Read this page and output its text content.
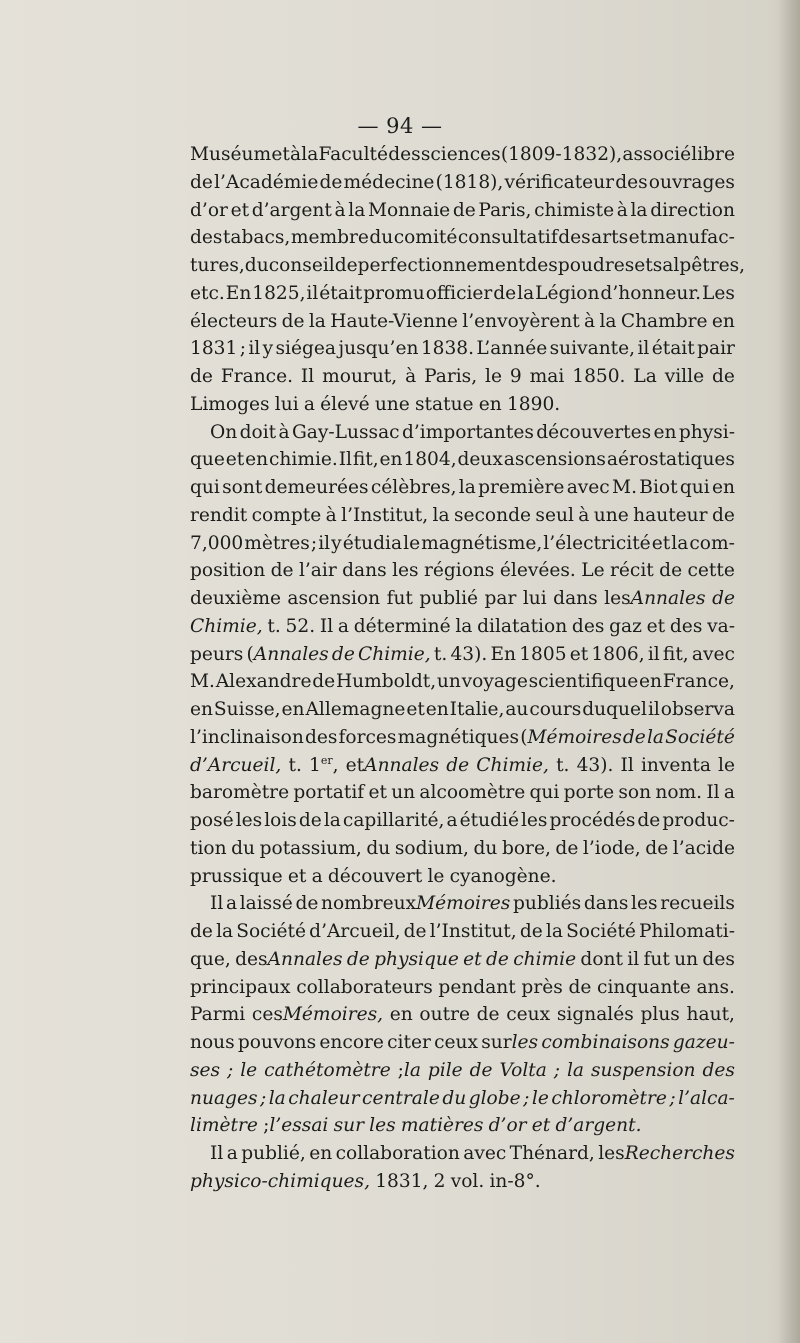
— 94 —
Muséum et à la Faculté des sciences (1809-1832), associé libre
de l’Académie de médecine (1818), vérificateur des ouvrages
d’or et d’argent à la Monnaie de Paris, chimiste à la direction
des tabacs, membre du comité consultatif des arts et manufac-
tures, du conseil de perfectionnement des poudres et salpêtres,
etc. En 1825, il était promu officier de la Légion d’honneur. Les
électeurs de la Haute-Vienne l’envoyèrent à la Chambre en
1831 ; il y siégea jusqu’en 1838. L’année suivante, il était pair
de France. Il mourut, à Paris, le 9 mai 1850. La ville de
Limoges lui a élevé une statue en 1890.
On doit à Gay-Lussac d’importantes découvertes en physi-
que et en chimie. Il fit, en 1804, deux ascensions aérostatiques
qui sont demeurées célèbres, la première avec M. Biot qui en
rendit compte à l’Institut, la seconde seul à une hauteur de
7,000 mètres ; il y étudia le magnétisme, l’électricité et la com-
position de l’air dans les régions élevées. Le récit de cette
deuxième ascension fut publié par lui dans lesAnnales de
Chimie, t. 52. Il a déterminé la dilatation des gaz et des va-
peurs (Annales de Chimie, t. 43). En 1805 et 1806, il fit, avec
M. Alexandre de Humboldt, un voyage scientifique en France,
en Suisse, en Allemagne et en Italie, au cours duquel il observa
l’inclinaison des forces magnétiques (Mémoires de la Société
d’Arcueil, t. 1er, etAnnales de Chimie, t. 43). Il inventa le
baromètre portatif et un alcoomètre qui porte son nom. Il a
posé les lois de la capillarité, a étudié les procédés de produc-
tion du potassium, du sodium, du bore, de l’iode, de l’acide
prussique et a découvert le cyanogène.
Il a laissé de nombreuxMémoires publiés dans les recueils
de la Société d’Arcueil, de l’Institut, de la Société Philomati-
que, desAnnales de physique et de chimie dont il fut un des
principaux collaborateurs pendant près de cinquante ans.
Parmi cesMémoires, en outre de ceux signalés plus haut,
nous pouvons encore citer ceux surles combinaisons gazeu-
ses ; le cathétomètre ;la pile de Volta ; la suspension des
nuages ; la chaleur centrale du globe ; le chloromètre ; l’alca-
limètre ;l’essai sur les matières d’or et d’argent.
Il a publié, en collaboration avec Thénard, lesRecherches
physico-chimiques, 1831, 2 vol. in-8°.
